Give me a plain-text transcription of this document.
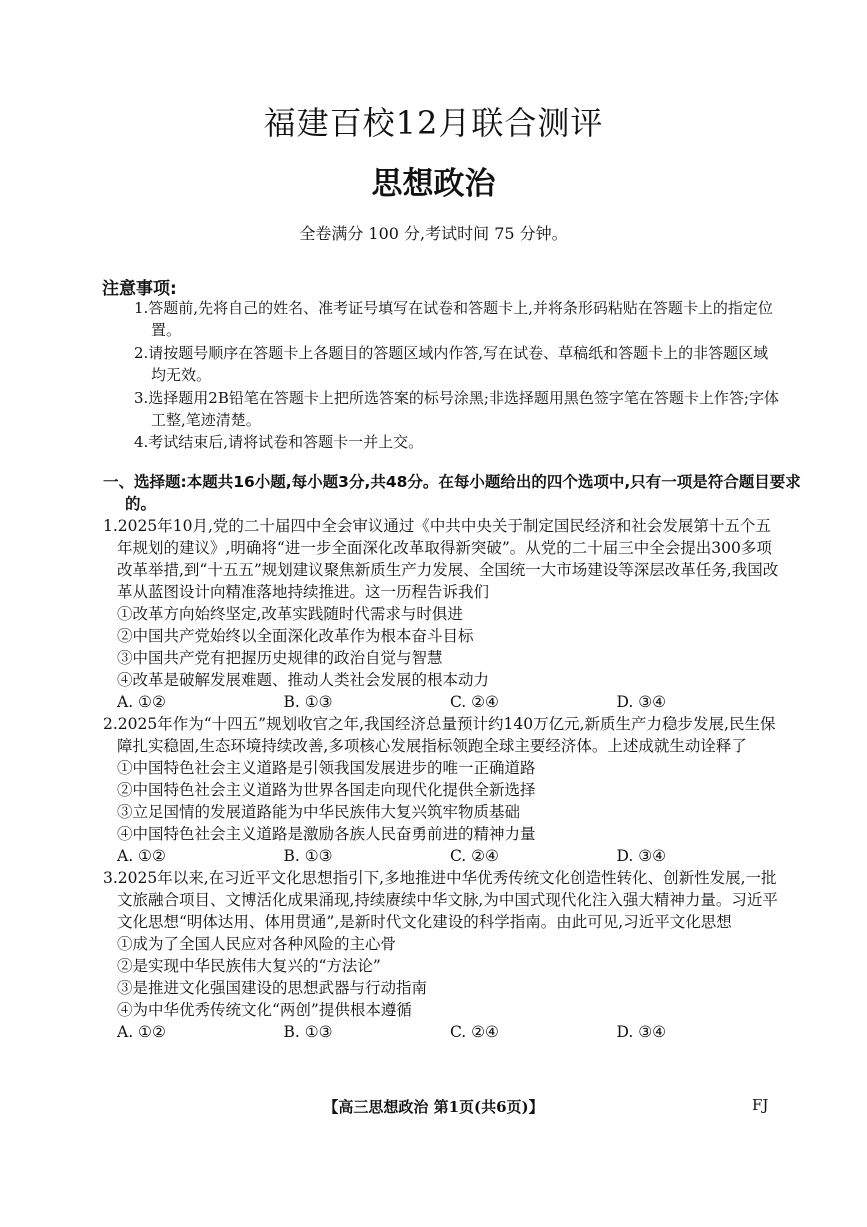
福建百校12月联合测评
思想政治
全卷满分 100 分,考试时间 75 分钟。
注意事项:

1.答题前,先将自己的姓名、准考证号填写在试卷和答题卡上,并将条形码粘贴在答题卡上的指定位置。

2.请按题号顺序在答题卡上各题目的答题区域内作答,写在试卷、草稿纸和答题卡上的非答题区域均无效。

3.选择题用2B铅笔在答题卡上把所选答案的标号涂黑;非选择题用黑色签字笔在答题卡上作答;字体工整,笔迹清楚。

4.考试结束后,请将试卷和答题卡一并上交。

一、选择题:本题共16小题,每小题3分,共48分。在每小题给出的四个选项中,只有一项是符合题目要求的。

1.2025年10月,党的二十届四中全会审议通过《中共中央关于制定国民经济和社会发展第十五个五年规划的建议》,明确将“进一步全面深化改革取得新突破”。从党的二十届三中全会提出300多项改革举措,到“十五五”规划建议聚焦新质生产力发展、全国统一大市场建设等深层改革任务,我国改革从蓝图设计向精准落地持续推进。这一历程告诉我们

①改革方向始终坚定,改革实践随时代需求与时俱进

②中国共产党始终以全面深化改革作为根本奋斗目标

③中国共产党有把握历史规律的政治自觉与智慧

④改革是破解发展难题、推动人类社会发展的根本动力

A. ①②	B. ①③	C. ②④	D. ③④

2.2025年作为“十四五”规划收官之年,我国经济总量预计约140万亿元,新质生产力稳步发展,民生保障扎实稳固,生态环境持续改善,多项核心发展指标领跑全球主要经济体。上述成就生动诠释了

①中国特色社会主义道路是引领我国发展进步的唯一正确道路

②中国特色社会主义道路为世界各国走向现代化提供全新选择

③立足国情的发展道路能为中华民族伟大复兴筑牢物质基础

④中国特色社会主义道路是激励各族人民奋勇前进的精神力量

A. ①②	B. ①③	C. ②④	D. ③④

3.2025年以来,在习近平文化思想指引下,多地推进中华优秀传统文化创造性转化、创新性发展,一批文旅融合项目、文博活化成果涌现,持续赓续中华文脉,为中国式现代化注入强大精神力量。习近平文化思想“明体达用、体用贯通”,是新时代文化建设的科学指南。由此可见,习近平文化思想

①成为了全国人民应对各种风险的主心骨

②是实现中华民族伟大复兴的“方法论”

③是推进文化强国建设的思想武器与行动指南

④为中华优秀传统文化“两创”提供根本遵循

A. ①②	B. ①③	C. ②④	D. ③④
【高三思想政治 第1页(共6页)】	FJ
